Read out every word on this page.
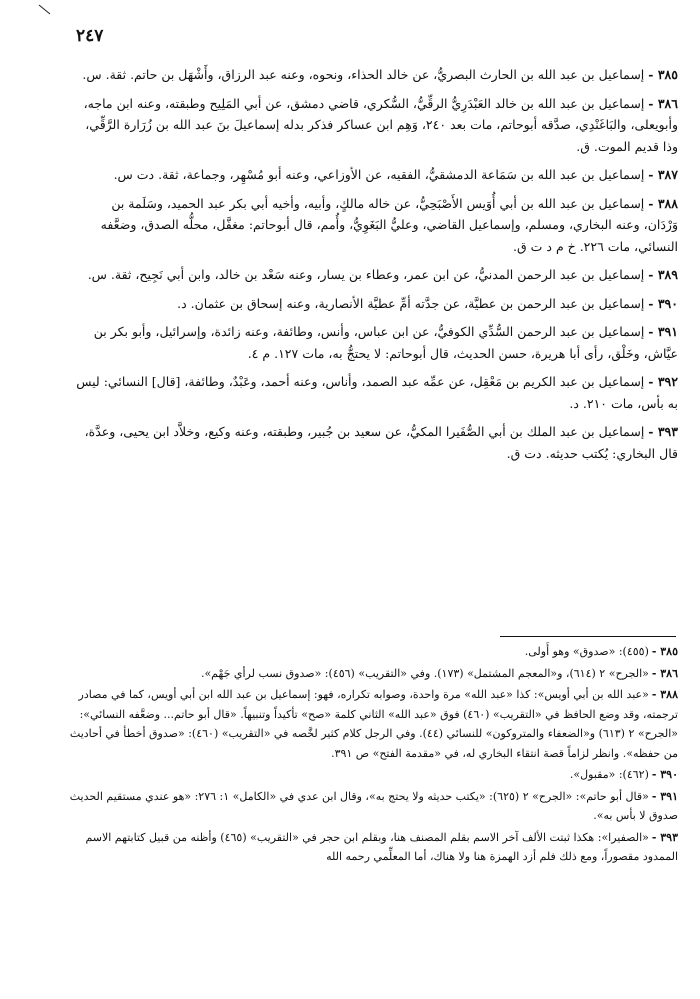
٢٤٧
٣٨٥ -إسماعيل بن عبد الله بن الحارث البصريُّ، عن خالد الحذاء، ونحوه، وعنه عبد الرزاق، وأَشْهَل بن حاتم. ثقة. س.
٣٨٦ -إسماعيل بن عبد الله بن خالد العَبْدَرِيُّ الرقِّيُّ، السُّكري، قاضي دمشق، عن أبي المَلِيح وطبقته، وعنه ابن ماجه، وأبويعلى، والبَاغَنْدِي، صدَّقه أبوحاتم، مات بعد ٢٤٠، وَهِم ابن عساكر فذكر بدله إسماعيلَ بنَ عبد الله بن زُرَارة الرَّقِّي، وذا قديم الموت. ق.
٣٨٧ -إسماعيل بن عبد الله بن سَمَاعة الدمشقيُّ، الفقيه، عن الأوزاعي، وعنه أبو مُسْهِر، وجماعة، ثقة. دت س.
٣٨٨ -إسماعيل بن عبد الله بن أبي أُوَيس الأَصْبَحِيُّ، عن خاله مالكٍ، وأبيه، وأخيه أبي بكر عبد الحميد، وسَلَمة بن وَرْدَان، وعنه البخاري، ومسلم، وإسماعيل القاضي، وعليُّ البَغَوِيُّ، وأُمم، قال أبوحاتم: مغفَّل، محلُّه الصدق، وضعَّفه النسائي، مات ٢٢٦. خ م د ت ق.
٣٨٩ -إسماعيل بن عبد الرحمن المدنيُّ، عن ابن عمر، وعطاء بن يسار، وعنه سَعْد بن خالد، وابن أبي نَجِيح، ثقة. س.
٣٩٠ -إسماعيل بن عبد الرحمن بن عطيَّة، عن جدَّته أمِّ عطيَّة الأنصارية، وعنه إسحاق بن عثمان. د.
٣٩١ -إسماعيل بن عبد الرحمن السُّدِّي الكوفيُّ، عن ابن عباس، وأنس، وطائفة، وعنه زائدة، وإسرائيل، وأبو بكر بن عيَّاش، وخَلْق، رأى أبا هريرة، حسن الحديث، قال أبوحاتم: لا يحتجُّ به، مات ١٢٧. م ٤.
٣٩٢ -إسماعيل بن عبد الكريم بن مَعْقِل، عن عمِّه عبد الصمد، وأناس، وعنه أحمد، وعَبْدٌ، وطائفة، [قال] النسائي: ليس به بأس، مات ٢١٠. د.
٣٩٣ -إسماعيل بن عبد الملك بن أبي الصُّفَيرا المكيُّ، عن سعيد بن جُبير، وطبقته، وعنه وكيع، وخلاَّد ابن يحيى، وعدَّة، قال البخاري: يُكتب حديثه. دت ق.
٣٨٥ -(٤٥٥): «صدوق» وهو أَولى.
٣٨٦ -«الجرح» ٢ (٦١٤)، و«المعجم المشتمل» (١٧٣). وفي «التقريب» (٤٥٦): «صدوق نسب لرأي جَهْم».
٣٨٨ -«عبد الله بن أبي أويس»: كذا «عبد الله» مرة واحدة، وصوابه تكراره، فهو: إسماعيل بن عبد الله ابن أبي أويس، كما في مصادر ترجمته، وقد وضع الحافظ في «التقريب» (٤٦٠) فوق «عبد الله» الثاني كلمة «صح» تأكيداً وتنبيهاً. «قال أبو حاتم... وضعَّفه النسائي»: «الجرح» ٢ (٦١٣) و«الضعفاء والمتروكون» للنسائي (٤٤). وفي الرجل كلام كثير لخَّصه في «التقريب» (٤٦٠): «صدوق أخطأ في أحاديث من حفظه». وانظر لزاماً قصة انتقاء البخاري له، في «مقدمة الفتح» ص ٣٩١.
٣٩٠ -(٤٦٢): «مقبول».
٣٩١ -«قال أبو حاتم»: «الجرح» ٢ (٦٢٥): «يكتب حديثه ولا يحتج به»، وقال ابن عدي في «الكامل» ١: ٢٧٦: «هو عندي مستقيم الحديث صدوق لا بأس به».
٣٩٣ -«الصفيرا»: هكذا ثبتت الألف آخر الاسم بقلم المصنف هنا، وبقلم ابن حجر في «التقريب» (٤٦٥) وأظنه من قبيل كتابتهم الاسم الممدود مقصوراً، ومع ذلك فلم أزد الهمزة هنا ولا هناك، أما المعلِّمي رحمه الله
